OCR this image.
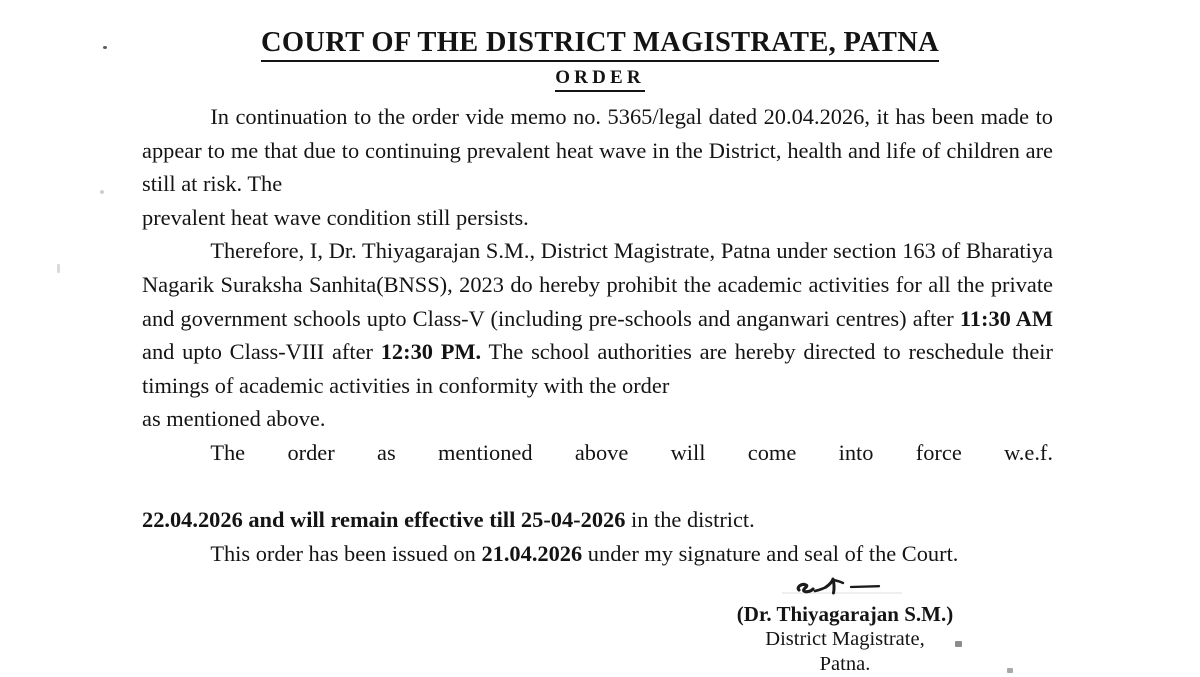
COURT OF THE DISTRICT MAGISTRATE, PATNA
ORDER

In continuation to the order vide memo no. 5365/legal dated 20.04.2026, it has been made to appear to me that due to continuing prevalent heat wave in the District, health and life of children are still at risk. The
prevalent heat wave condition still persists.

Therefore, I, Dr. Thiyagarajan S.M., District Magistrate, Patna under section 163 of Bharatiya Nagarik Suraksha Sanhita(BNSS), 2023 do hereby prohibit the academic activities for all the private and government schools upto Class-V (including pre-schools and anganwari centres) after 11:30 AM and upto Class-VIII after 12:30 PM. The school authorities are hereby directed to reschedule their timings of academic activities in conformity with the order
as mentioned above.

The order as mentioned above will come into force w.e.f.22.04.2026 and will remain effective till 25-04-2026 in the district.

This order has been issued on 21.04.2026 under my signature and seal of the Court.

(Dr. Thiyagarajan S.M.)
District Magistrate,
Patna.
